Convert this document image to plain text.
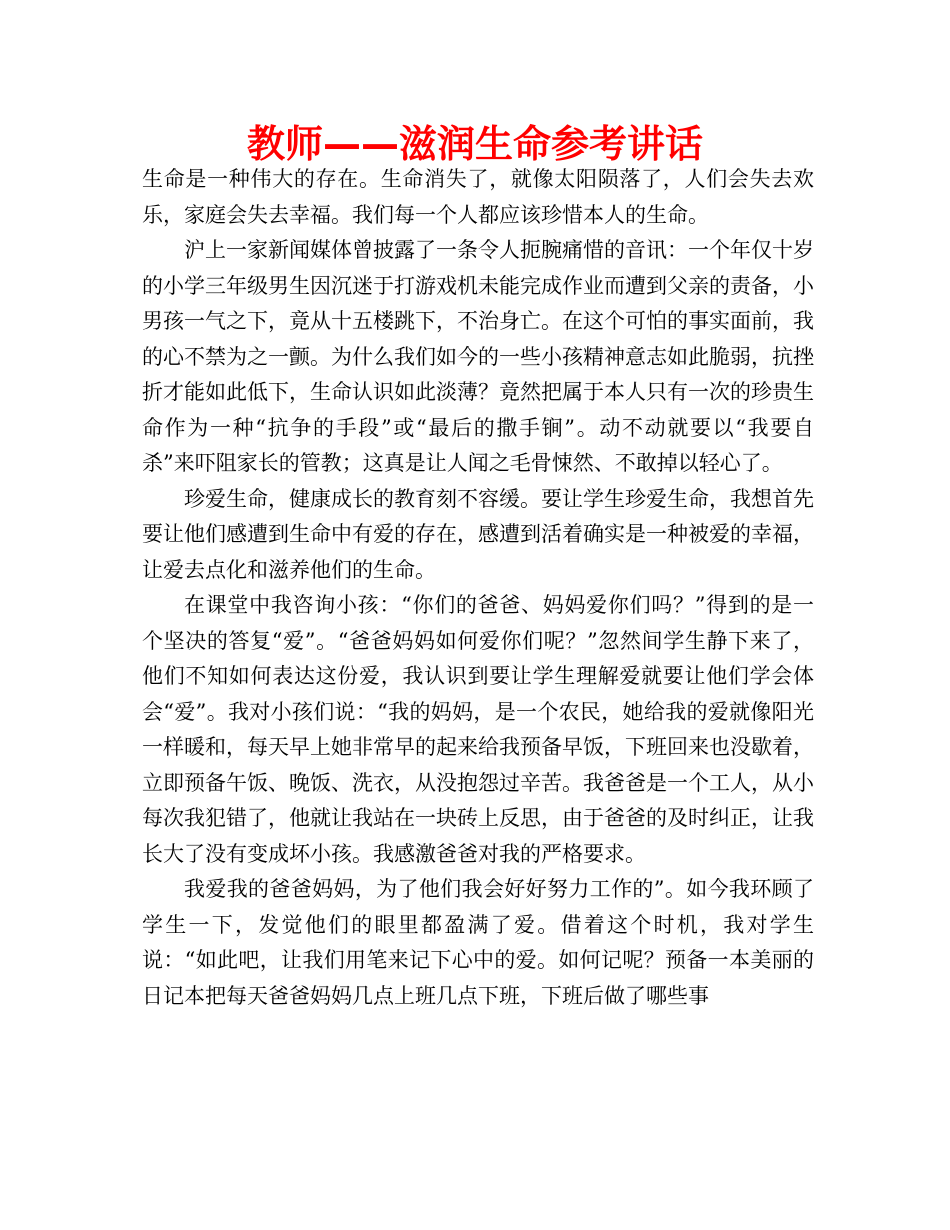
教师——滋润生命参考讲话

生命是一种伟大的存在。生命消失了，就像太阳陨落了，人们会失去欢乐，家庭会失去幸福。我们每一个人都应该珍惜本人的生命。

沪上一家新闻媒体曾披露了一条令人扼腕痛惜的音讯：一个年仅十岁的小学三年级男生因沉迷于打游戏机未能完成作业而遭到父亲的责备，小男孩一气之下，竟从十五楼跳下，不治身亡。在这个可怕的事实面前，我的心不禁为之一颤。为什么我们如今的一些小孩精神意志如此脆弱，抗挫折才能如此低下，生命认识如此淡薄？竟然把属于本人只有一次的珍贵生命作为一种“抗争的手段”或“最后的撒手锏”。动不动就要以“我要自杀”来吓阻家长的管教；这真是让人闻之毛骨悚然、不敢掉以轻心了。

珍爱生命，健康成长的教育刻不容缓。要让学生珍爱生命，我想首先要让他们感遭到生命中有爱的存在，感遭到活着确实是一种被爱的幸福，让爱去点化和滋养他们的生命。

在课堂中我咨询小孩：“你们的爸爸、妈妈爱你们吗？”得到的是一个坚决的答复“爱”。“爸爸妈妈如何爱你们呢？”忽然间学生静下来了，他们不知如何表达这份爱，我认识到要让学生理解爱就要让他们学会体会“爱”。我对小孩们说：“我的妈妈，是一个农民，她给我的爱就像阳光一样暖和，每天早上她非常早的起来给我预备早饭，下班回来也没歇着，立即预备午饭、晚饭、洗衣，从没抱怨过辛苦。我爸爸是一个工人，从小每次我犯错了，他就让我站在一块砖上反思，由于爸爸的及时纠正，让我长大了没有变成坏小孩。我感激爸爸对我的严格要求。

我爱我的爸爸妈妈，为了他们我会好好努力工作的”。如今我环顾了学生一下，发觉他们的眼里都盈满了爱。借着这个时机，我对学生说：“如此吧，让我们用笔来记下心中的爱。如何记呢？预备一本美丽的日记本把每天爸爸妈妈几点上班几点下班，下班后做了哪些事
